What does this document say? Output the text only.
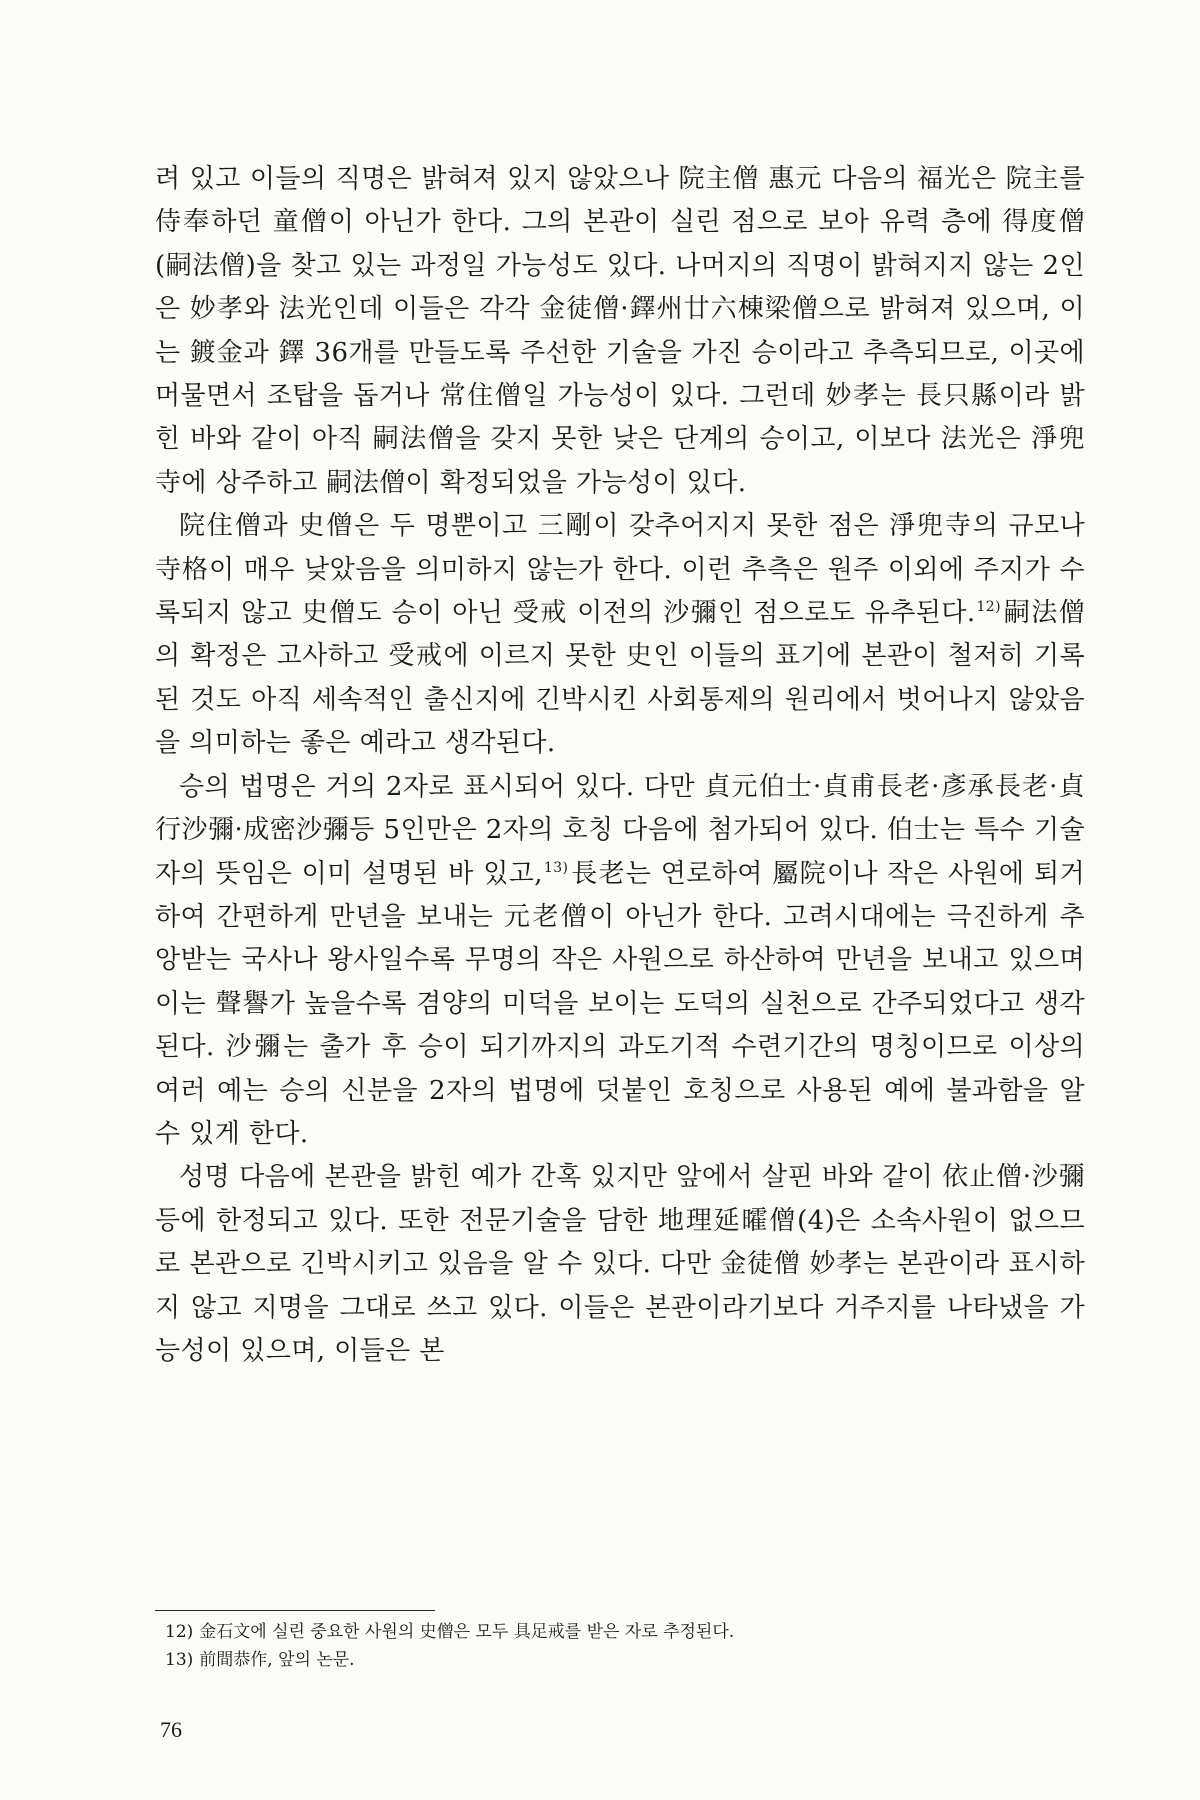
려 있고 이들의 직명은 밝혀져 있지 않았으나 院主僧 惠元 다음의 福光은 院主를 侍奉하던 童僧이 아닌가 한다. 그의 본관이 실린 점으로 보아 유력 층에 得度僧(嗣法僧)을 찾고 있는 과정일 가능성도 있다. 나머지의 직명이 밝혀지지 않는 2인은 妙孝와 法光인데 이들은 각각 金徒僧·鐸州廿六棟梁僧으로 밝혀져 있으며, 이는 鍍金과 鐸 36개를 만들도록 주선한 기술을 가진 승이라고 추측되므로, 이곳에 머물면서 조탑을 돕거나 常住僧일 가능성이 있다. 그런데 妙孝는 長只縣이라 밝힌 바와 같이 아직 嗣法僧을 갖지 못한 낮은 단계의 승이고, 이보다 法光은 淨兜寺에 상주하고 嗣法僧이 확정되었을 가능성이 있다.

院住僧과 史僧은 두 명뿐이고 三剛이 갖추어지지 못한 점은 淨兜寺의 규모나 寺格이 매우 낮았음을 의미하지 않는가 한다. 이런 추측은 원주 이외에 주지가 수록되지 않고 史僧도 승이 아닌 受戒 이전의 沙彌인 점으로도 유추된다.$^{12)}$嗣法僧의 확정은 고사하고 受戒에 이르지 못한 史인 이들의 표기에 본관이 철저히 기록된 것도 아직 세속적인 출신지에 긴박시킨 사회통제의 원리에서 벗어나지 않았음을 의미하는 좋은 예라고 생각된다.

승의 법명은 거의 2자로 표시되어 있다. 다만 貞元伯士·貞甫長老·彥承長老·貞行沙彌·成密沙彌등 5인만은 2자의 호칭 다음에 첨가되어 있다. 伯士는 특수 기술자의 뜻임은 이미 설명된 바 있고,$^{13)}$長老는 연로하여 屬院이나 작은 사원에 퇴거하여 간편하게 만년을 보내는 元老僧이 아닌가 한다. 고려시대에는 극진하게 추앙받는 국사나 왕사일수록 무명의 작은 사원으로 하산하여 만년을 보내고 있으며 이는 聲譽가 높을수록 겸양의 미덕을 보이는 도덕의 실천으로 간주되었다고 생각된다. 沙彌는 출가 후 승이 되기까지의 과도기적 수련기간의 명칭이므로 이상의 여러 예는 승의 신분을 2자의 법명에 덧붙인 호칭으로 사용된 예에 불과함을 알 수 있게 한다.

성명 다음에 본관을 밝힌 예가 간혹 있지만 앞에서 살핀 바와 같이 依止僧·沙彌 등에 한정되고 있다. 또한 전문기술을 담한 地理延曤僧(4)은 소속사원이 없으므로 본관으로 긴박시키고 있음을 알 수 있다. 다만 金徒僧 妙孝는 본관이라 표시하지 않고 지명을 그대로 쓰고 있다. 이들은 본관이라기보다 거주지를 나타냈을 가능성이 있으며, 이들은 본

12) 金石文에 실린 중요한 사원의 史僧은 모두 具足戒를 받은 자로 추정된다.
13) 前間恭作, 앞의 논문.
76
